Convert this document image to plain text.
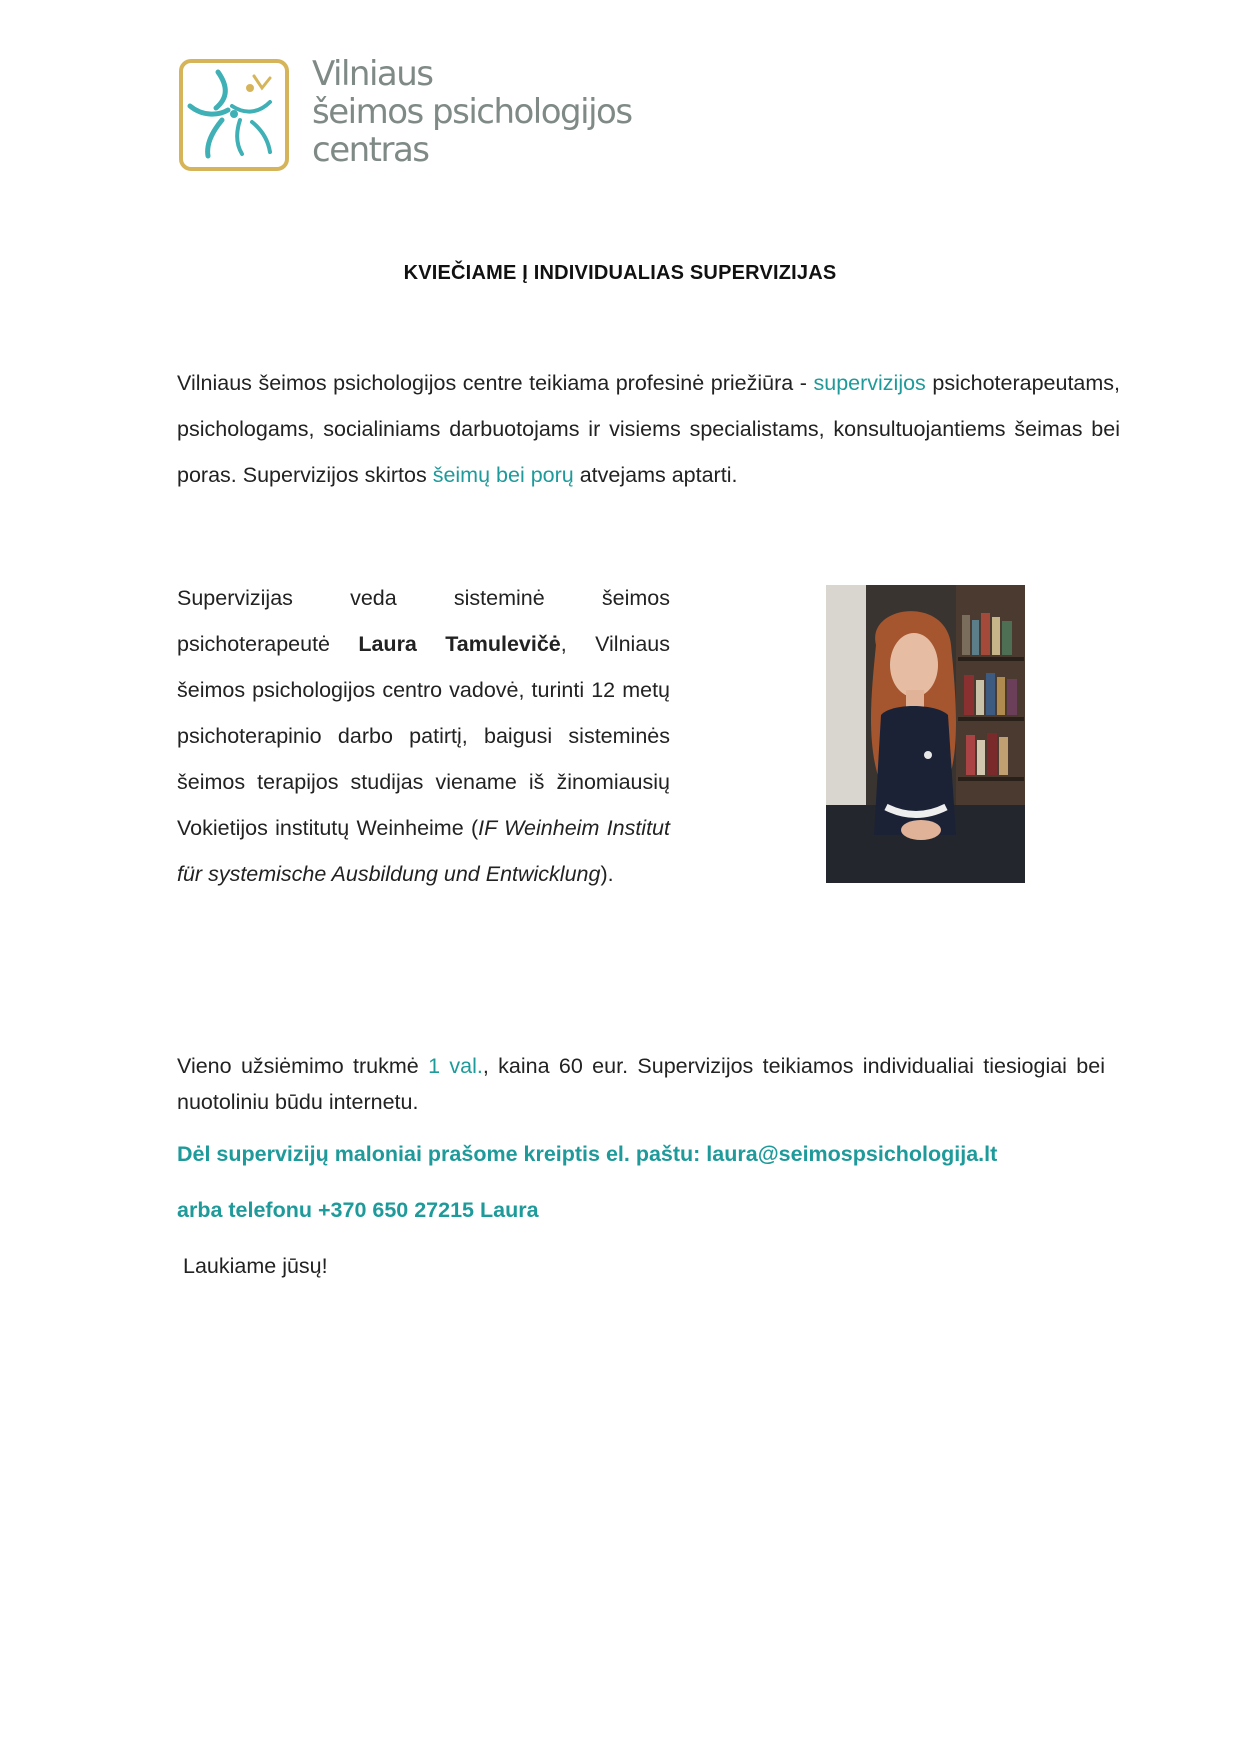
Vilniaus
šeimos psichologijos
centras
KVIEČIAME Į INDIVIDUALIAS SUPERVIZIJAS
Vilniaus šeimos psichologijos centre teikiama profesinė priežiūra - supervizijos psichoterapeutams, psichologams, socialiniams darbuotojams ir visiems specialistams, konsultuojantiems šeimas bei poras. Supervizijos skirtos šeimų bei porų atvejams aptarti.
Supervizijas veda sisteminė šeimos psichoterapeutė Laura Tamulevičė, Vilniaus šeimos psichologijos centro vadovė, turinti 12 metų psichoterapinio darbo patirtį, baigusi sisteminės šeimos terapijos studijas viename iš žinomiausių Vokietijos institutų Weinheime (IF Weinheim Institut für systemische Ausbildung und Entwicklung).
Vieno užsiėmimo trukmė 1 val., kaina 60 eur. Supervizijos teikiamos individualiai tiesiogiai bei nuotoliniu būdu internetu.
Dėl supervizijų maloniai prašome kreiptis el. paštu: laura@seimospsichologija.lt
arba telefonu +370 650 27215 Laura
Laukiame jūsų!
